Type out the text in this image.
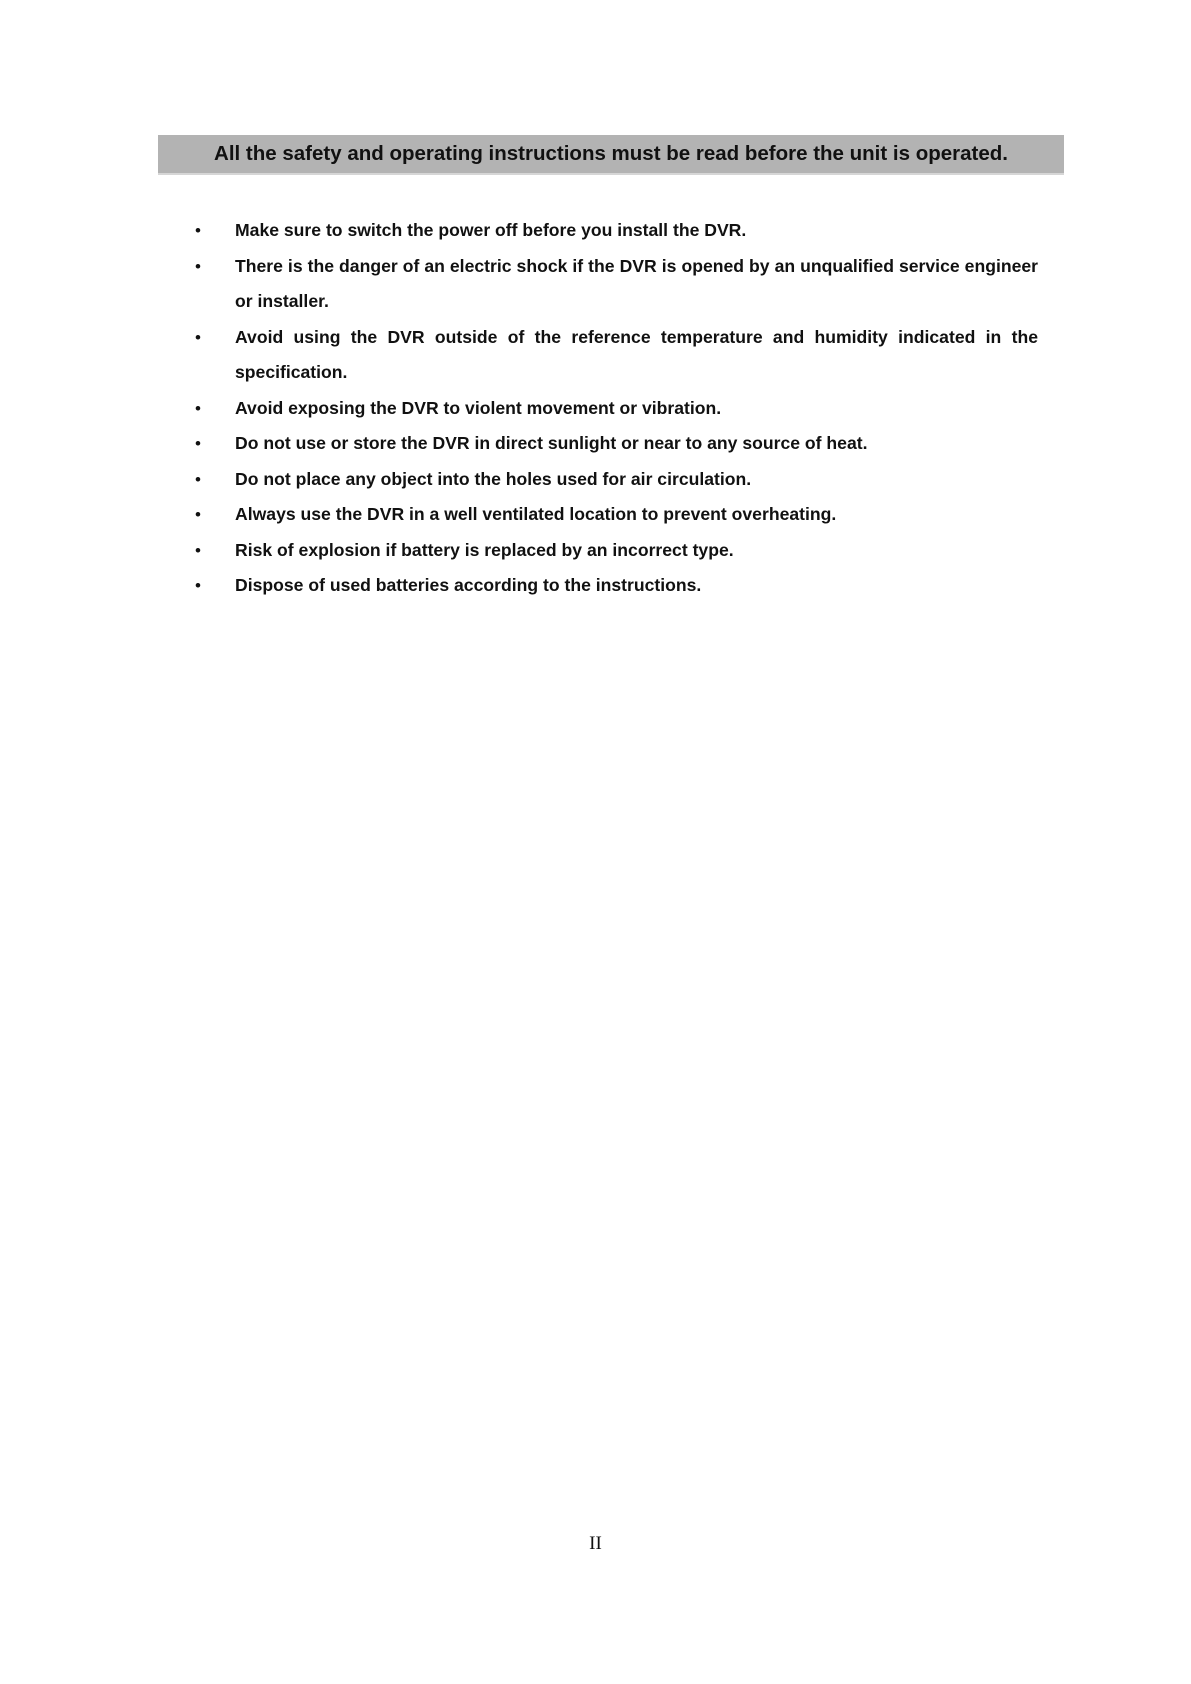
All the safety and operating instructions must be read before the unit is operated.
• Make sure to switch the power off before you install the DVR.
• There is the danger of an electric shock if the DVR is opened by an unqualified service engineer or installer.
• Avoid using the DVR outside of the reference temperature and humidity indicated in the specification.
• Avoid exposing the DVR to violent movement or vibration.
• Do not use or store the DVR in direct sunlight or near to any source of heat.
• Do not place any object into the holes used for air circulation.
• Always use the DVR in a well ventilated location to prevent overheating.
• Risk of explosion if battery is replaced by an incorrect type.
• Dispose of used batteries according to the instructions.
II
